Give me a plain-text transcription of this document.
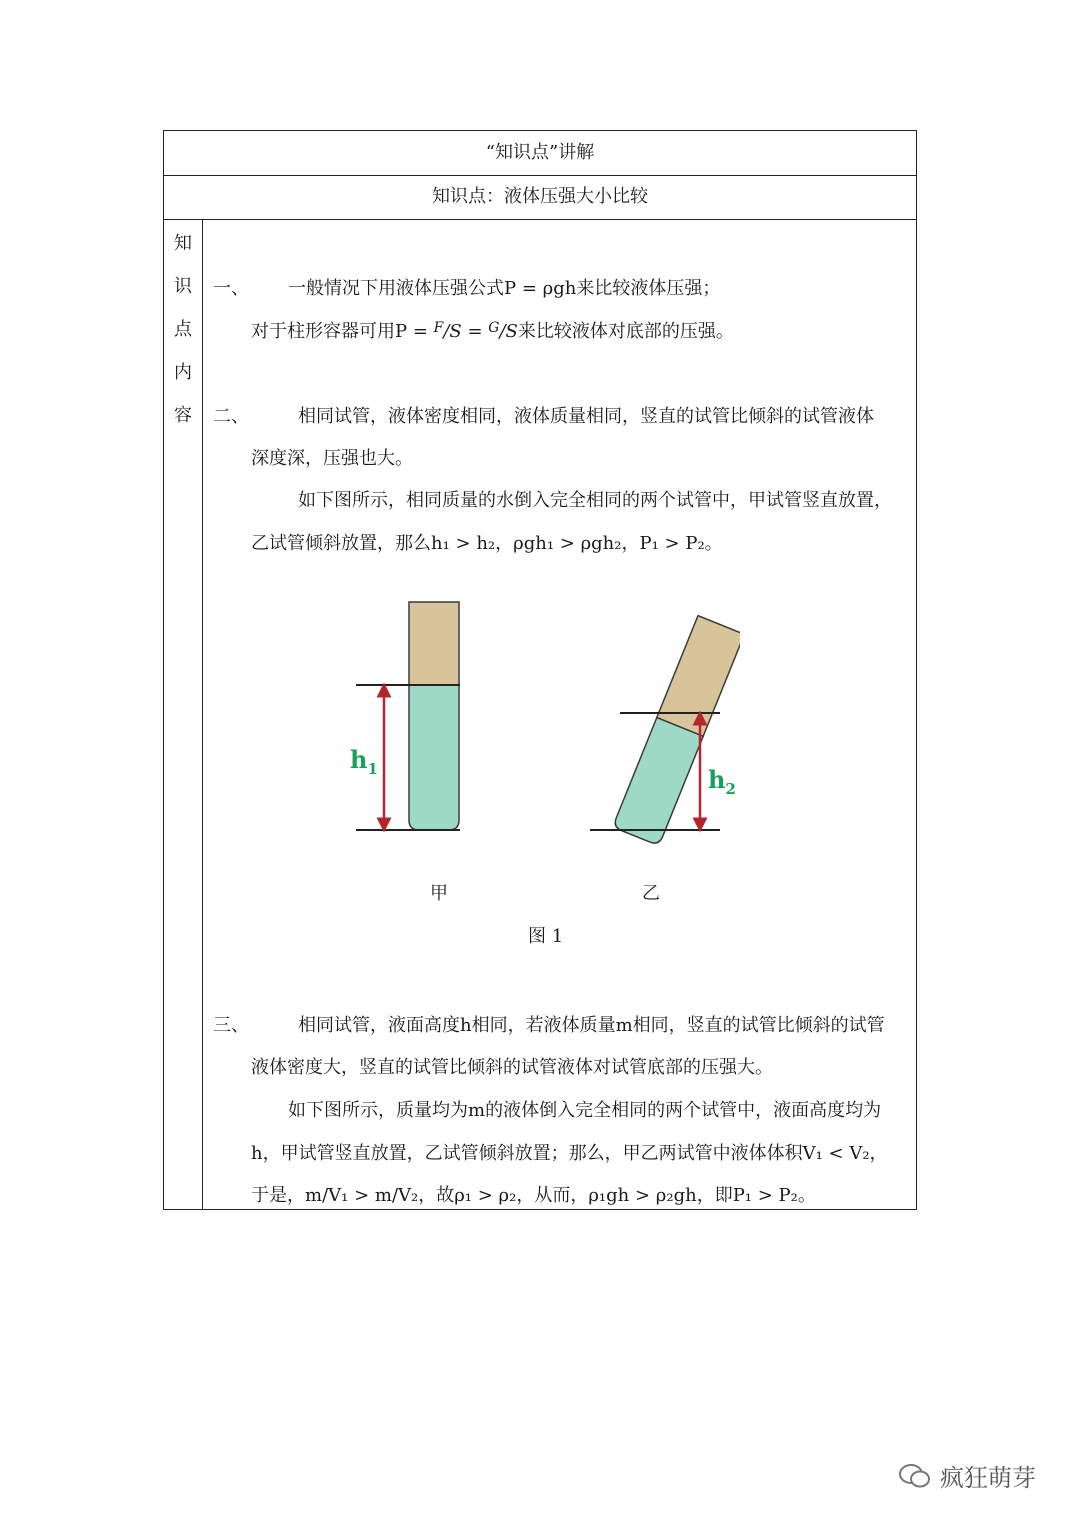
“知识点”讲解
知识点：液体压强大小比较
知
识
点
内
容
一、 一般情况下用液体压强公式P = ρgh来比较液体压强；
对于柱形容器可用P = $^F$/S = $^G$/S来比较液体对底部的压强。
二、	相同试管，液体密度相同，液体质量相同，竖直的试管比倾斜的试管液体
深度深，压强也大。
如下图所示，相同质量的水倒入完全相同的两个试管中，甲试管竖直放置，
乙试管倾斜放置，那么h₁ > h₂，ρgh₁ > ρgh₂，P₁ > P₂。
三、	相同试管，液面高度h相同，若液体质量m相同，竖直的试管比倾斜的试管
液体密度大，竖直的试管比倾斜的试管液体对试管底部的压强大。
如下图所示，质量均为m的液体倒入完全相同的两个试管中，液面高度均为
h，甲试管竖直放置，乙试管倾斜放置；那么，甲乙两试管中液体体积V₁ < V₂，
于是，m/V₁ > m/V₂，故ρ₁ > ρ₂，从而，ρ₁gh > ρ₂gh，即P₁ > P₂。
$h_1$	$h_2$
甲	乙
图 1
疯狂萌芽
